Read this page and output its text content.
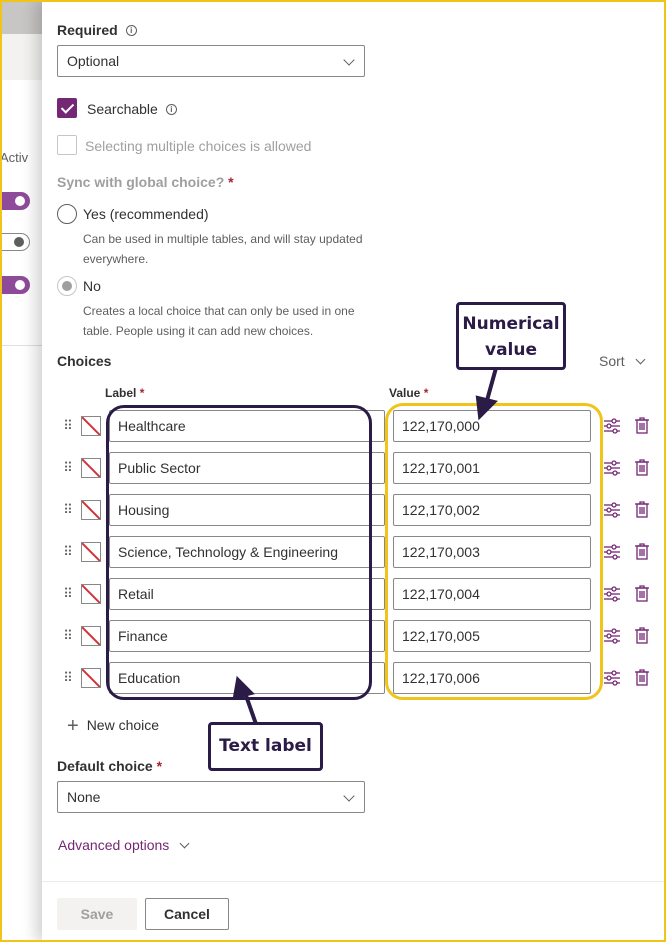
Activ
Required i
Optional
Searchable i
Selecting multiple choices is allowed
Sync with global choice? *
Yes (recommended)
Can be used in multiple tables, and will stay updated
everywhere.
No
Creates a local choice that can only be used in one
table. People using it can add new choices.
Choices	Sort
Label *	Value *
⠿	Healthcare	122,170,000
⠿	Public Sector	122,170,001
⠿	Housing	122,170,002
⠿	Science, Technology & Engineering	122,170,003
⠿	Retail	122,170,004
⠿	Finance	122,170,005
⠿	Education	122,170,006
+ New choice
Default choice *
None
Advanced options
Save	Cancel
Numerical
value
Text label
